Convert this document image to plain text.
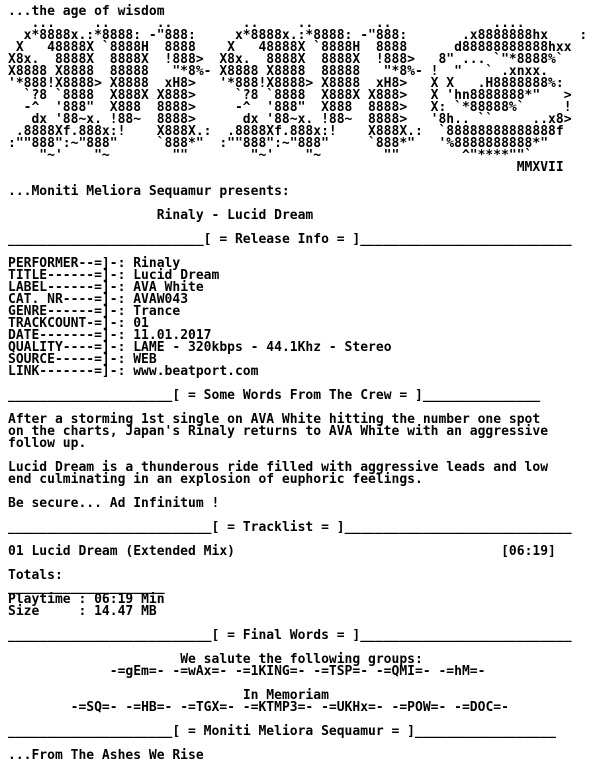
...the age of wisdom
...     ..      ..         ..     ..        ..             ....
x*8888x.:*8888: -"888:     x*8888x.:*8888: -"888:       .x8888888hx    :
X   48888X `8888H  8888    X   48888X `8888H  8888      d88888888888hxx
X8x.  8888X  8888X  !888>  X8x.  8888X  8888X  !888>   8" ... `"*8888%`
X8888 X8888  88888   "*8%- X8888 X8888  88888   "*8%- !  "   ` .xnxx.
'*888!X8888> X8888  xH8>   '*888!X8888> X8888  xH8>   X X   .H8888888%:
`?8 `8888  X888X X888>     `?8 `8888  X888X X888>   X 'hn8888888*"   >
-^  '888"  X888  8888>     -^  '888"  X888  8888>   X: `*88888%`     !
dx '88~x. !88~  8888>      dx '88~x. !88~  8888>   '8h.. ``     ..x8>
.8888Xf.888x:!    X888X.:  .8888Xf.888x:!    X888X.:  `88888888888888f
:""888":~"888"     `888*"  :""888":~"888"     `888*"   '%8888888888*"
"~'    "~        ""        "~'    "~        ""        ^"****""`
MMXVII
...Moniti Meliora Sequamur presents:
Rinaly - Lucid Dream
_________________________[ = Release Info = ]___________________________
PERFORMER--=]-: Rinaly
TITLE------=]-: Lucid Dream
LABEL------=]-: AVA White
CAT. NR----=]-: AVAW043
GENRE------=]-: Trance
TRACKCOUNT-=]-: 01
DATE-------=]-: 11.01.2017
QUALITY----=]-: LAME - 320kbps - 44.1Khz - Stereo
SOURCE-----=]-: WEB
LINK-------=]-: www.beatport.com
_____________________[ = Some Words From The Crew = ]_______________
After a storming 1st single on AVA White hitting the number one spot
on the charts, Japan's Rinaly returns to AVA White with an aggressive
follow up.
Lucid Dream is a thunderous ride filled with aggressive leads and low
end culminating in an explosion of euphoric feelings.
Be secure... Ad Infinitum !
__________________________[ = Tracklist = ]_____________________________
01 Lucid Dream (Extended Mix)	[06:19]
Totals:
____________________
Playtime : 06:19 Min
Size     : 14.47 MB
__________________________[ = Final Words = ]___________________________
We salute the following groups:
-=gEm=- -=wAx=- -=1KING=- -=TSP=- -=QMI=- -=hM=-
In Memoriam
-=SQ=- -=HB=- -=TGX=- -=KTMP3=- -=UKHx=- -=POW=- -=DOC=-
_____________________[ = Moniti Meliora Sequamur = ]__________________
...From The Ashes We Rise
